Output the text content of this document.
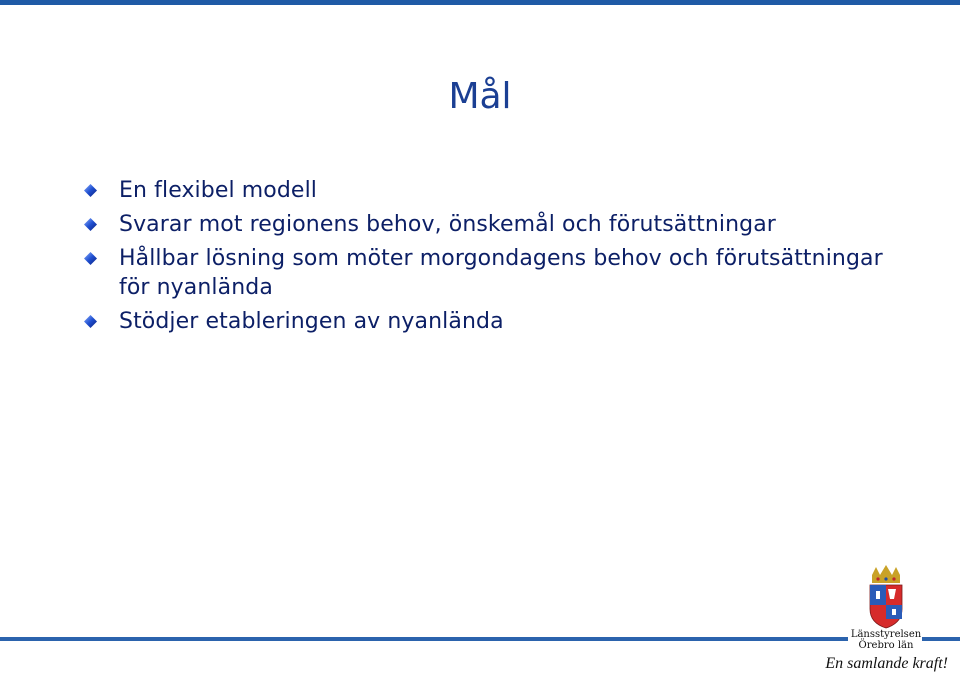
Mål
En flexibel modell
Svarar mot regionens behov, önskemål och förutsättningar
Hållbar lösning som möter morgondagens behov och förutsättningar för nyanlända
Stödjer etableringen av nyanlända
Länsstyrelsen
Örebro län
En samlande kraft!
